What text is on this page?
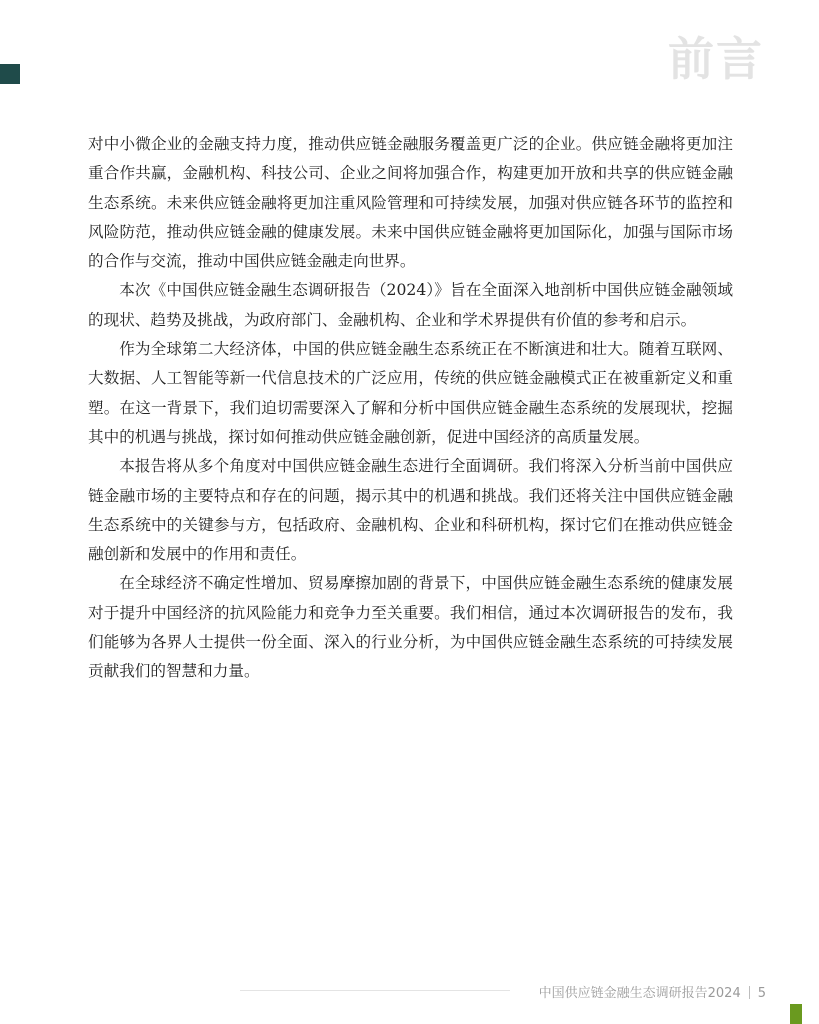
前言

对中小微企业的金融支持力度，推动供应链金融服务覆盖更广泛的企业。供应链金融将更加注重合作共赢，金融机构、科技公司、企业之间将加强合作，构建更加开放和共享的供应链金融生态系统。未来供应链金融将更加注重风险管理和可持续发展，加强对供应链各环节的监控和风险防范，推动供应链金融的健康发展。未来中国供应链金融将更加国际化，加强与国际市场的合作与交流，推动中国供应链金融走向世界。

本次《中国供应链金融生态调研报告（2024）》旨在全面深入地剖析中国供应链金融领域的现状、趋势及挑战，为政府部门、金融机构、企业和学术界提供有价值的参考和启示。

作为全球第二大经济体，中国的供应链金融生态系统正在不断演进和壮大。随着互联网、大数据、人工智能等新一代信息技术的广泛应用，传统的供应链金融模式正在被重新定义和重塑。在这一背景下，我们迫切需要深入了解和分析中国供应链金融生态系统的发展现状，挖掘其中的机遇与挑战，探讨如何推动供应链金融创新，促进中国经济的高质量发展。

本报告将从多个角度对中国供应链金融生态进行全面调研。我们将深入分析当前中国供应链金融市场的主要特点和存在的问题，揭示其中的机遇和挑战。我们还将关注中国供应链金融生态系统中的关键参与方，包括政府、金融机构、企业和科研机构，探讨它们在推动供应链金融创新和发展中的作用和责任。

在全球经济不确定性增加、贸易摩擦加剧的背景下，中国供应链金融生态系统的健康发展对于提升中国经济的抗风险能力和竞争力至关重要。我们相信，通过本次调研报告的发布，我们能够为各界人士提供一份全面、深入的行业分析，为中国供应链金融生态系统的可持续发展贡献我们的智慧和力量。

中国供应链金融生态调研报告2024 5
